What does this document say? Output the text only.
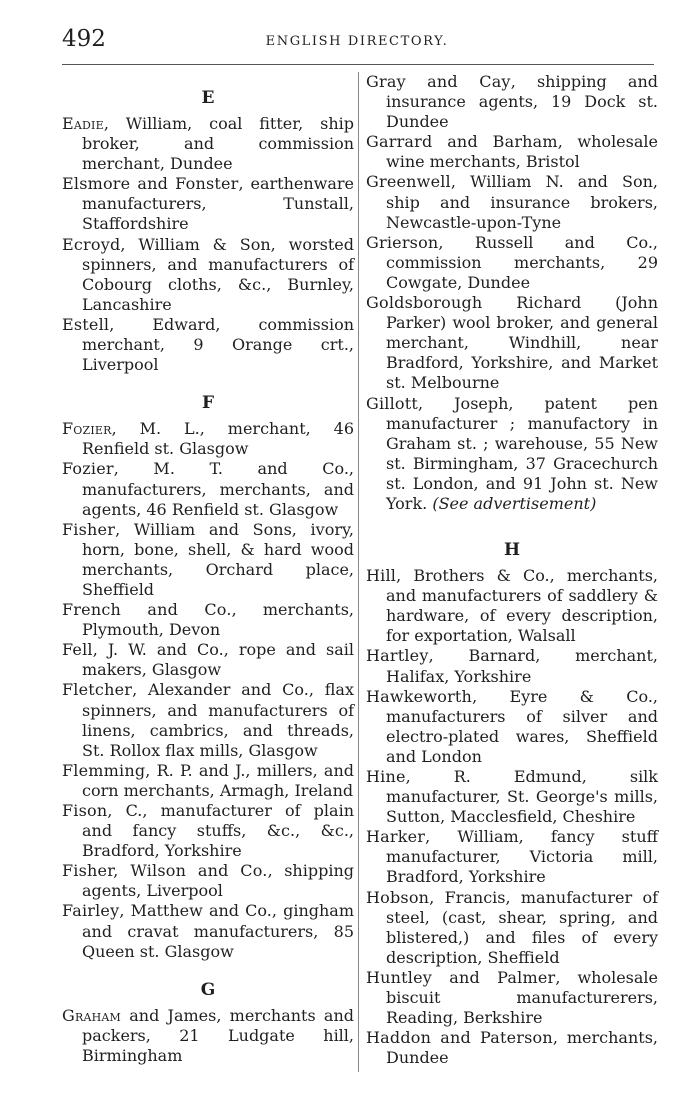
492	ENGLISH DIRECTORY.
E

Eadie, William, coal fitter, ship broker, and commission merchant, Dundee

Elsmore and Fonster, earthenware manufacturers, Tunstall, Staffordshire

Ecroyd, William & Son, worsted spinners, and manufacturers of Cobourg cloths, &c., Burnley, Lancashire

Estell, Edward, commission merchant, 9 Orange crt., Liverpool

F

Fozier, M. L., merchant, 46 Renfield st. Glasgow

Fozier, M. T. and Co., manufacturers, merchants, and agents, 46 Renfield st. Glasgow

Fisher, William and Sons, ivory, horn, bone, shell, & hard wood merchants, Orchard place, Sheffield

French and Co., merchants, Plymouth, Devon

Fell, J. W. and Co., rope and sail makers, Glasgow

Fletcher, Alexander and Co., flax spinners, and manufacturers of linens, cambrics, and threads, St. Rollox flax mills, Glasgow

Flemming, R. P. and J., millers, and corn merchants, Armagh, Ireland

Fison, C., manufacturer of plain and fancy stuffs, &c., &c., Bradford, Yorkshire

Fisher, Wilson and Co., shipping agents, Liverpool

Fairley, Matthew and Co., gingham and cravat manufacturers, 85 Queen st. Glasgow

G

Graham and James, merchants and packers, 21 Ludgate hill, Birmingham

Gray and Cay, shipping and insurance agents, 19 Dock st. Dundee

Garrard and Barham, wholesale wine merchants, Bristol

Greenwell, William N. and Son, ship and insurance brokers, Newcastle-upon-Tyne

Grierson, Russell and Co., commission merchants, 29 Cowgate, Dundee

Goldsborough Richard (John Parker) wool broker, and general merchant, Windhill, near Bradford, Yorkshire, and Market st. Melbourne

Gillott, Joseph, patent pen manufacturer ; manufactory in Graham st. ; warehouse, 55 New st. Birmingham, 37 Gracechurch st. London, and 91 John st. New York. (See advertisement)

H

Hill, Brothers & Co., merchants, and manufacturers of saddlery & hardware, of every description, for exportation, Walsall

Hartley, Barnard, merchant, Halifax, Yorkshire

Hawkeworth, Eyre & Co., manufacturers of silver and electro-plated wares, Sheffield and London

Hine, R. Edmund, silk manufacturer, St. George's mills, Sutton, Macclesfield, Cheshire

Harker, William, fancy stuff manufacturer, Victoria mill, Bradford, Yorkshire

Hobson, Francis, manufacturer of steel, (cast, shear, spring, and blistered,) and files of every description, Sheffield

Huntley and Palmer, wholesale biscuit manufacturerers, Reading, Berkshire

Haddon and Paterson, merchants, Dundee
